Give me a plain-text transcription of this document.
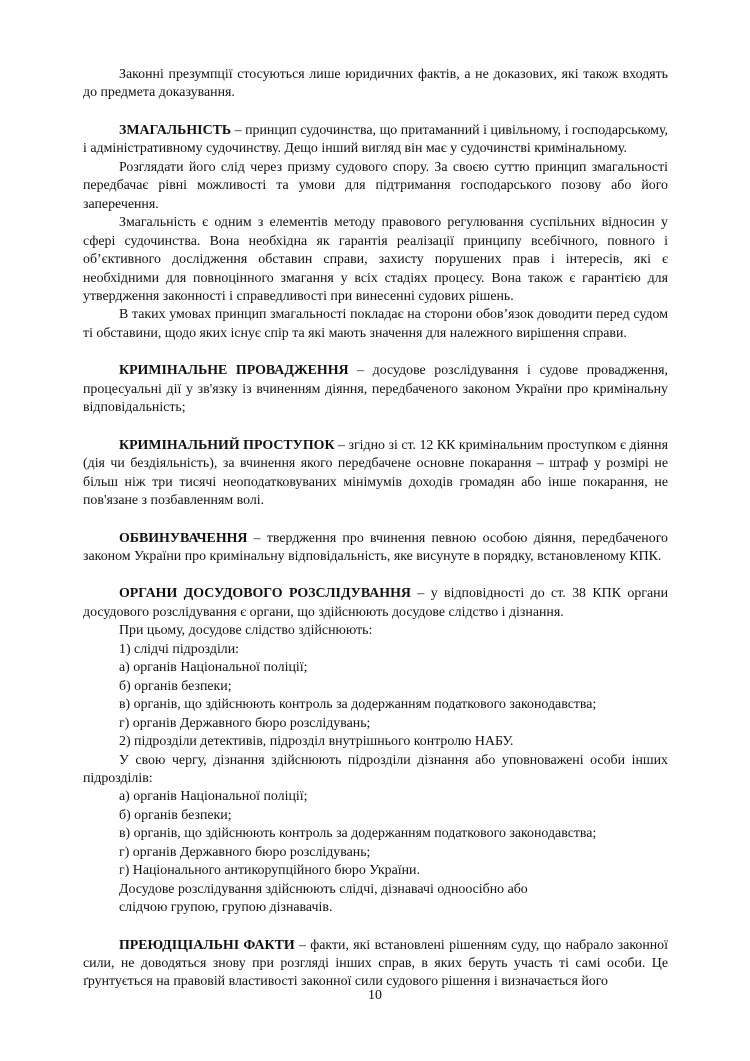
Законні презумпції стосуються лише юридичних фактів, а не доказових, які також входять до предмета доказування.

ЗМАГАЛЬНІСТЬ – принцип судочинства, що притаманний і цивільному, і господарському, і адміністративному судочинству. Дещо інший вигляд він має у судочинстві кримінальному.

Розглядати його слід через призму судового спору. За своєю суттю принцип змагальності передбачає рівні можливості та умови для підтримання господарського позову або його заперечення.

Змагальність є одним з елементів методу правового регулювання суспільних відносин у сфері судочинства. Вона необхідна як гарантія реалізації принципу всебічного, повного і об’єктивного дослідження обставин справи, захисту порушених прав і інтересів, які є необхідними для повноцінного змагання у всіх стадіях процесу. Вона також є гарантією для утвердження законності і справедливості при винесенні судових рішень.

В таких умовах принцип змагальності покладає на сторони обов’язок доводити перед судом ті обставини, щодо яких існує спір та які мають значення для належного вирішення справи.

КРИМІНАЛЬНЕ ПРОВАДЖЕННЯ – досудове розслідування і судове провадження, процесуальні дії у зв'язку із вчиненням діяння, передбаченого законом України про кримінальну відповідальність;

КРИМІНАЛЬНИЙ ПРОСТУПОК – згідно зі ст. 12 КК кримінальним проступком є діяння (дія чи бездіяльність), за вчинення якого передбачене основне покарання – штраф у розмірі не більш ніж три тисячі неоподатковуваних мінімумів доходів громадян або інше покарання, не пов'язане з позбавленням волі.

ОБВИНУВАЧЕННЯ – твердження про вчинення певною особою діяння, передбаченого законом України про кримінальну відповідальність, яке висунуте в порядку, встановленому КПК.

ОРГАНИ ДОСУДОВОГО РОЗСЛІДУВАННЯ – у відповідності до ст. 38 КПК органи досудового розслідування є органи, що здійснюють досудове слідство і дізнання.

При цьому, досудове слідство здійснюють:

1) слідчі підрозділи:

а) органів Національної поліції;

б) органів безпеки;

в) органів, що здійснюють контроль за додержанням податкового законодавства;

г) органів Державного бюро розслідувань;

2) підрозділи детективів, підрозділ внутрішнього контролю НАБУ.

У свою чергу, дізнання здійснюють підрозділи дізнання або уповноважені особи інших підрозділів:

а) органів Національної поліції;

б) органів безпеки;

в) органів, що здійснюють контроль за додержанням податкового законодавства;

г) органів Державного бюро розслідувань;

г) Національного антикорупційного бюро України.

Досудове розслідування здійснюють слідчі, дізнавачі одноосібно або слідчою групою, групою дізнавачів.

ПРЕЮДІЦІАЛЬНІ ФАКТИ – факти, які встановлені рішенням суду, що набрало законної сили, не доводяться знову при розгляді інших справ, в яких беруть участь ті самі особи. Це ґрунтується на правовій властивості законної сили судового рішення і визначається його

10
